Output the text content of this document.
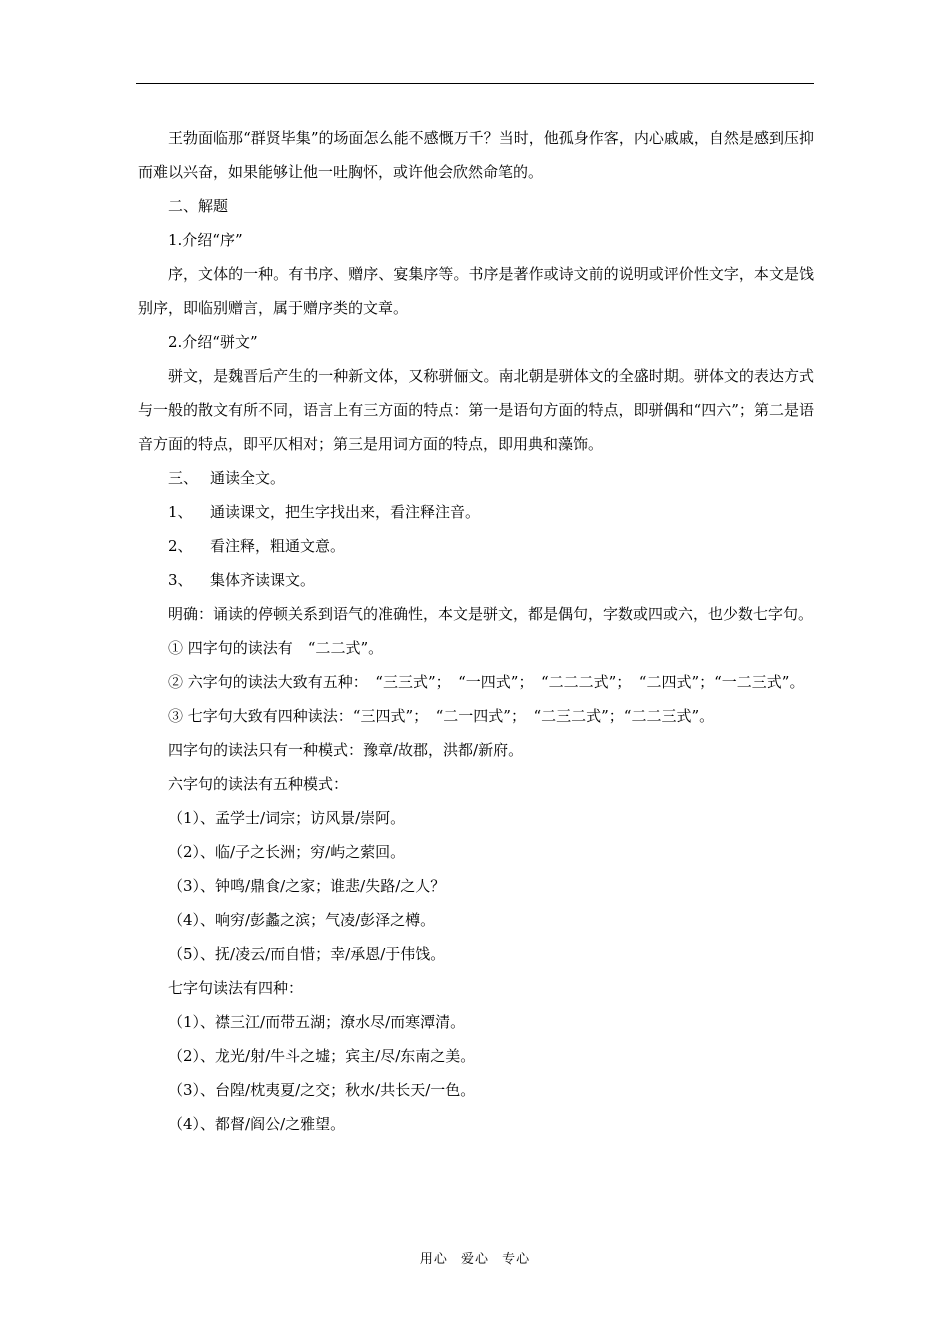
王勃面临那“群贤毕集”的场面怎么能不感慨万千？当时，他孤身作客，内心戚戚，自然是感到压抑而难以兴奋，如果能够让他一吐胸怀，或许他会欣然命笔的。

二、解题

1.介绍“序”

序，文体的一种。有书序、赠序、宴集序等。书序是著作或诗文前的说明或评价性文字，本文是饯别序，即临别赠言，属于赠序类的文章。

2.介绍“骈文”

骈文，是魏晋后产生的一种新文体，又称骈俪文。南北朝是骈体文的全盛时期。骈体文的表达方式与一般的散文有所不同，语言上有三方面的特点：第一是语句方面的特点，即骈偶和“四六”；第二是语音方面的特点，即平仄相对；第三是用词方面的特点，即用典和藻饰。

三、 通读全文。

1、 通读课文，把生字找出来，看注释注音。

2、 看注释，粗通文意。

3、 集体齐读课文。

明确：诵读的停顿关系到语气的准确性，本文是骈文，都是偶句，字数或四或六，也少数七字句。

① 四字句的读法有　“二二式”。

② 六字句的读法大致有五种：　“三三式”；　“一四式”；　“二二二式”；　“二四式”；“一二三式”。

③ 七字句大致有四种读法：“三四式”；　“二一四式”；　“二三二式”；“二二三式”。

四字句的读法只有一种模式：豫章/故郡，洪都/新府。

六字句的读法有五种模式：

（1）、孟学士/词宗；访风景/崇阿。

（2）、临/子之长洲；穷/屿之萦回。

（3）、钟鸣/鼎食/之家；谁悲/失路/之人？

（4）、响穷/彭蠡之滨；气凌/彭泽之樽。

（5）、抚/凌云/而自惜；幸/承恩/于伟饯。

七字句读法有四种：

（1）、襟三江/而带五湖；潦水尽/而寒潭清。

（2）、龙光/射/牛斗之墟；宾主/尽/东南之美。

（3）、台隍/枕夷夏/之交；秋水/共长天/一色。

（4）、都督/阎公/之雅望。

用心 爱心 专心
